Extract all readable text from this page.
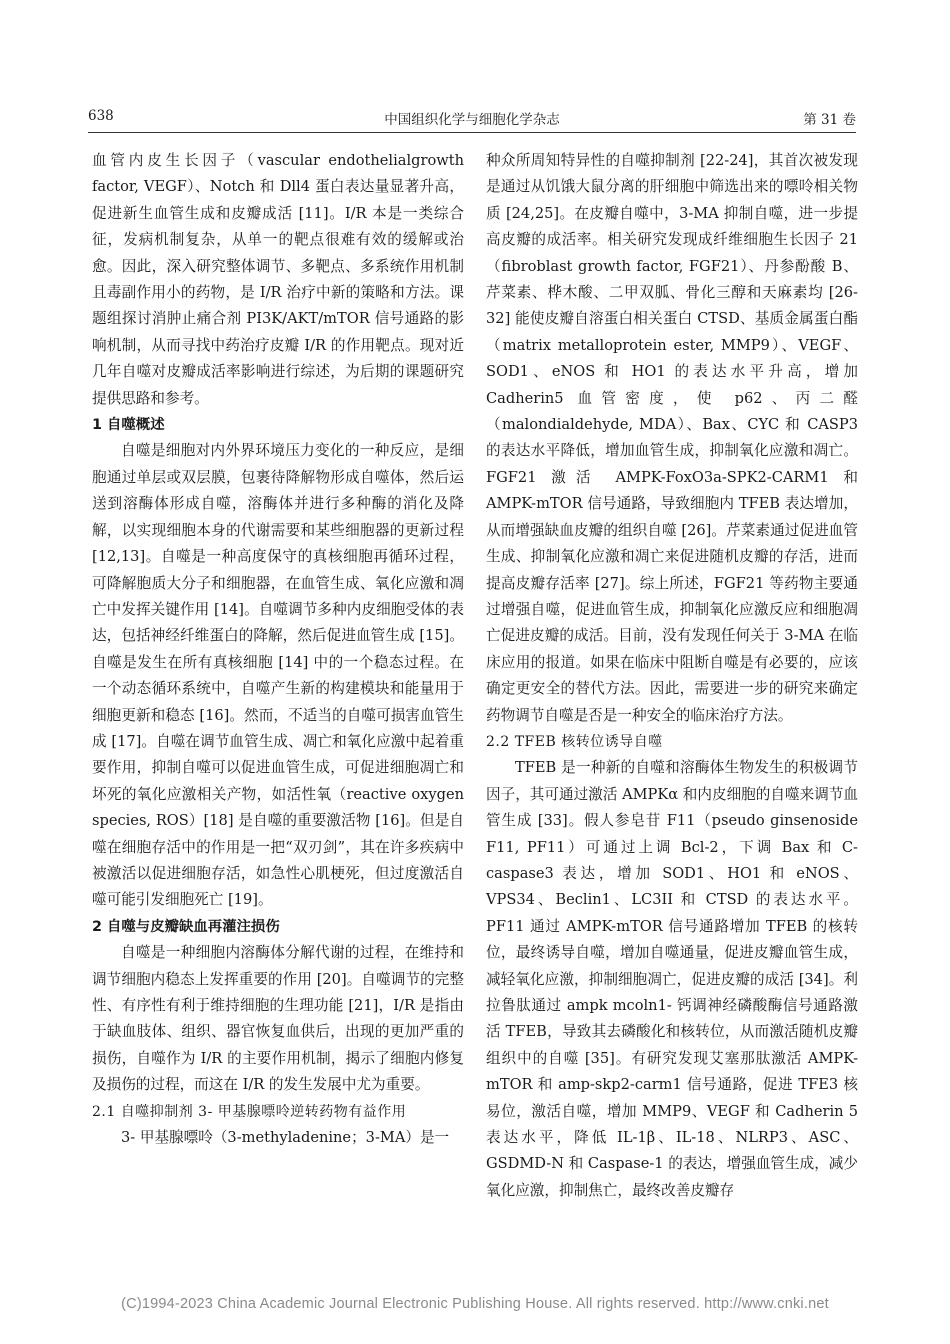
638	中国组织化学与细胞化学杂志	第 31 卷

血管内皮生长因子（vascular endothelialgrowth factor, VEGF）、Notch 和 Dll4 蛋白表达量显著升高，促进新生血管生成和皮瓣成活 [11]。I/R 本是一类综合征，发病机制复杂，从单一的靶点很难有效的缓解或治愈。因此，深入研究整体调节、多靶点、多系统作用机制且毒副作用小的药物，是 I/R 治疗中新的策略和方法。课题组探讨消肿止痛合剂 PI3K/AKT/mTOR 信号通路的影响机制，从而寻找中药治疗皮瓣 I/R 的作用靶点。现对近几年自噬对皮瓣成活率影响进行综述，为后期的课题研究提供思路和参考。

1 自噬概述

自噬是细胞对内外界环境压力变化的一种反应，是细胞通过单层或双层膜，包裹待降解物形成自噬体，然后运送到溶酶体形成自噬，溶酶体并进行多种酶的消化及降解，以实现细胞本身的代谢需要和某些细胞器的更新过程 [12,13]。自噬是一种高度保守的真核细胞再循环过程，可降解胞质大分子和细胞器，在血管生成、氧化应激和凋亡中发挥关键作用 [14]。自噬调节多种内皮细胞受体的表达，包括神经纤维蛋白的降解，然后促进血管生成 [15]。自噬是发生在所有真核细胞 [14] 中的一个稳态过程。在一个动态循环系统中，自噬产生新的构建模块和能量用于细胞更新和稳态 [16]。然而，不适当的自噬可损害血管生成 [17]。自噬在调节血管生成、凋亡和氧化应激中起着重要作用，抑制自噬可以促进血管生成，可促进细胞凋亡和坏死的氧化应激相关产物，如活性氧（reactive oxygen species, ROS）[18] 是自噬的重要激活物 [16]。但是自噬在细胞存活中的作用是一把“双刃剑”，其在许多疾病中被激活以促进细胞存活，如急性心肌梗死，但过度激活自噬可能引发细胞死亡 [19]。

2 自噬与皮瓣缺血再灌注损伤

自噬是一种细胞内溶酶体分解代谢的过程，在维持和调节细胞内稳态上发挥重要的作用 [20]。自噬调节的完整性、有序性有利于维持细胞的生理功能 [21]，I/R 是指由于缺血肢体、组织、器官恢复血供后，出现的更加严重的损伤，自噬作为 I/R 的主要作用机制，揭示了细胞内修复及损伤的过程，而这在 I/R 的发生发展中尤为重要。

2.1 自噬抑制剂 3- 甲基腺嘌呤逆转药物有益作用

3- 甲基腺嘌呤（3-methyladenine；3-MA）是一

种众所周知特异性的自噬抑制剂 [22-24]，其首次被发现是通过从饥饿大鼠分离的肝细胞中筛选出来的嘌呤相关物质 [24,25]。在皮瓣自噬中，3-MA 抑制自噬，进一步提高皮瓣的成活率。相关研究发现成纤维细胞生长因子 21（fibroblast growth factor, FGF21）、丹参酚酸 B、芹菜素、桦木酸、二甲双胍、骨化三醇和天麻素均 [26-32] 能使皮瓣自溶蛋白相关蛋白 CTSD、基质金属蛋白酯（matrix metalloprotein ester, MMP9）、VEGF、SOD1、eNOS 和 HO1 的表达水平升高，增加 Cadherin5 血管密度，使 p62、丙二醛（malondialdehyde, MDA）、Bax、CYC 和 CASP3 的表达水平降低，增加血管生成，抑制氧化应激和凋亡。FGF21 激活 AMPK-FoxO3a-SPK2-CARM1 和 AMPK-mTOR 信号通路，导致细胞内 TFEB 表达增加，从而增强缺血皮瓣的组织自噬 [26]。芹菜素通过促进血管生成、抑制氧化应激和凋亡来促进随机皮瓣的存活，进而提高皮瓣存活率 [27]。综上所述，FGF21 等药物主要通过增强自噬，促进血管生成，抑制氧化应激反应和细胞凋亡促进皮瓣的成活。目前，没有发现任何关于 3-MA 在临床应用的报道。如果在临床中阻断自噬是有必要的，应该确定更安全的替代方法。因此，需要进一步的研究来确定药物调节自噬是否是一种安全的临床治疗方法。

2.2 TFEB 核转位诱导自噬

TFEB 是一种新的自噬和溶酶体生物发生的积极调节因子，其可通过激活 AMPKα 和内皮细胞的自噬来调节血管生成 [33]。假人参皂苷 F11（pseudo ginsenoside F11, PF11）可通过上调 Bcl-2，下调 Bax 和 C-caspase3 表达，增加 SOD1、HO1 和 eNOS、VPS34、Beclin1、LC3II 和 CTSD 的表达水平。PF11 通过 AMPK-mTOR 信号通路增加 TFEB 的核转位，最终诱导自噬，增加自噬通量，促进皮瓣血管生成，减轻氧化应激，抑制细胞凋亡，促进皮瓣的成活 [34]。利拉鲁肽通过 ampk mcoln1- 钙调神经磷酸酶信号通路激活 TFEB，导致其去磷酸化和核转位，从而激活随机皮瓣组织中的自噬 [35]。有研究发现艾塞那肽激活 AMPK-mTOR 和 amp-skp2-carm1 信号通路，促进 TFE3 核易位，激活自噬，增加 MMP9、VEGF 和 Cadherin 5 表达水平，降低 IL-1β、IL-18、NLRP3、ASC、GSDMD-N 和 Caspase-1 的表达，增强血管生成，减少氧化应激，抑制焦亡，最终改善皮瓣存

(C)1994-2023 China Academic Journal Electronic Publishing House. All rights reserved. http://www.cnki.net
